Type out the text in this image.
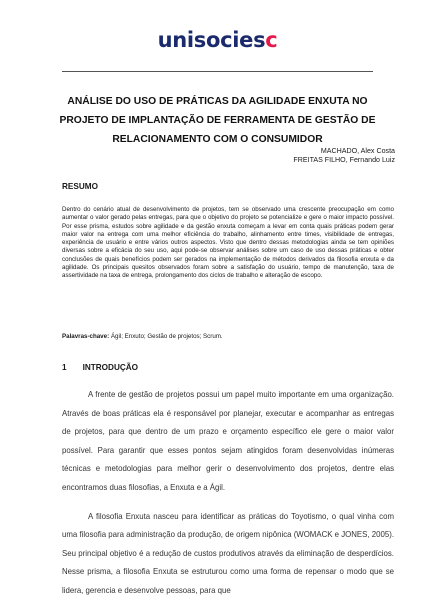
unisociesc
ANÁLISE DO USO DE PRÁTICAS DA AGILIDADE ENXUTA NO
PROJETO DE IMPLANTAÇÃO DE FERRAMENTA DE GESTÃO DE
RELACIONAMENTO COM O CONSUMIDOR
MACHADO, Alex Costa
FREITAS FILHO, Fernando Luiz
RESUMO
Dentro do cenário atual de desenvolvimento de projetos, tem se observado uma crescente preocupação em como aumentar o valor gerado pelas entregas, para que o objetivo do projeto se potencialize e gere o maior impacto possível. Por esse prisma, estudos sobre agilidade e da gestão enxuta começam a levar em conta quais práticas podem gerar maior valor na entrega com uma melhor eficiência do trabalho, alinhamento entre times, visibilidade de entregas, experiência de usuário e entre vários outros aspectos. Visto que dentro dessas metodologias ainda se tem opiniões diversas sobre a eficácia do seu uso, aqui pode-se observar análises sobre um caso de uso dessas práticas e obter conclusões de quais benefícios podem ser gerados na implementação de métodos derivados da filosofia enxuta e da agilidade. Os principais quesitos observados foram sobre a satisfação do usuário, tempo de manutenção, taxa de assertividade na taxa de entrega, prolongamento dos ciclos de trabalho e alteração de escopo.
Palavras-chave: Ágil; Enxuto; Gestão de projetos; Scrum.
1 INTRODUÇÃO

A frente de gestão de projetos possui um papel muito importante em uma organização. Através de boas práticas ela é responsável por planejar, executar e acompanhar as entregas de projetos, para que dentro de um prazo e orçamento específico ele gere o maior valor possível. Para garantir que esses pontos sejam atingidos foram desenvolvidas inúmeras técnicas e metodologias para melhor gerir o desenvolvimento dos projetos, dentre elas encontramos duas filosofias, a Enxuta e a Ágil.

A filosofia Enxuta nasceu para identificar as práticas do Toyotismo, o qual vinha com uma filosofia para administração da produção, de origem nipônica (WOMACK e JONES, 2005). Seu principal objetivo é a redução de custos produtivos através da eliminação de desperdícios. Nesse prisma, a filosofia Enxuta se estruturou como uma forma de repensar o modo que se lidera, gerencia e desenvolve pessoas, para que
